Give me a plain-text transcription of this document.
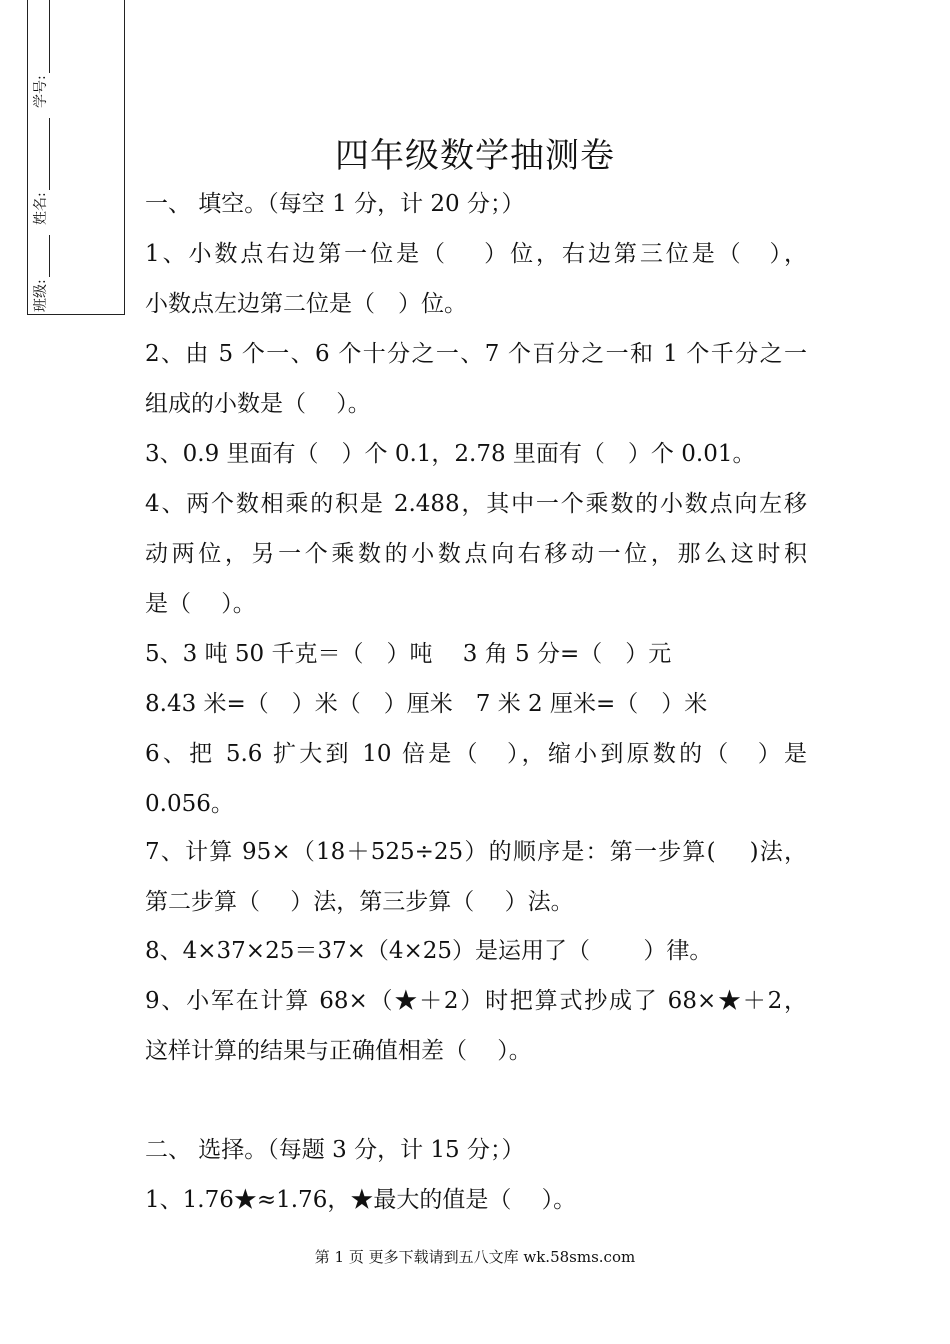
学号:
姓名:
班级:
四年级数学抽测卷
一、 填空。（每空 1 分，计 20 分；）
1、小数点右边第一位是（　 ）位，右边第三位是（　），
小数点左边第二位是（　）位。
2、由 5 个一、6 个十分之一、7 个百分之一和 1 个千分之一
组成的小数是（　 ）。
3、0.9 里面有（　）个 0.1，2.78 里面有（　）个 0.01。
4、两个数相乘的积是 2.488，其中一个乘数的小数点向左移
动两位，另一个乘数的小数点向右移动一位，那么这时积
是（　 ）。
5、3 吨 50 千克＝（　）吨　 3 角 5 分=（　）元
8.43 米=（　）米（　）厘米　7 米 2 厘米=（　）米
6、把 5.6 扩大到 10 倍是（　），缩小到原数的（　）是
0.056。
7、计算 95×（18＋525÷25）的顺序是：第一步算(　 )法，
第二步算（　 ）法，第三步算（　 ）法。
8、4×37×25＝37×（4×25）是运用了（　　 ）律。
9、小军在计算 68×（★＋2）时把算式抄成了 68×★＋2，
这样计算的结果与正确值相差（　 ）。
二、 选择。（每题 3 分，计 15 分；）
1、1.76★≈1.76，★最大的值是（　 ）。
第 1 页 更多下载请到五八文库 wk.58sms.com
